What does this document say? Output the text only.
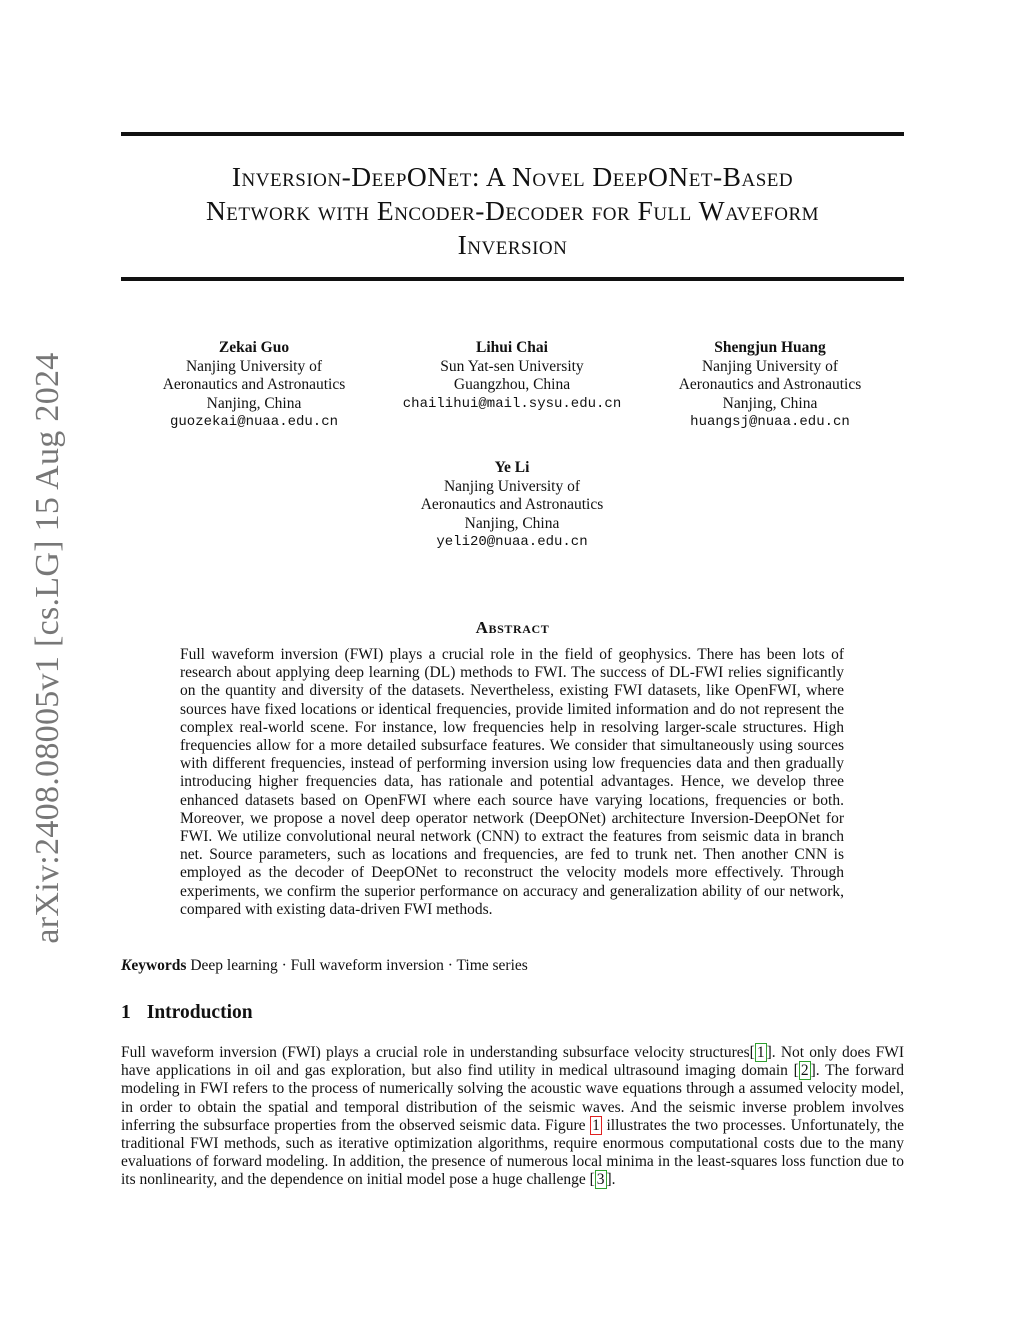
arXiv:2408.08005v1 [cs.LG] 15 Aug 2024
Inversion-DeepONet: A Novel DeepONet-Based
Network with Encoder-Decoder for Full Waveform
Inversion
Zekai Guo
Nanjing University of
Aeronautics and Astronautics
Nanjing, China
guozekai@nuaa.edu.cn
Lihui Chai
Sun Yat-sen University
Guangzhou, China
chailihui@mail.sysu.edu.cn
Shengjun Huang
Nanjing University of
Aeronautics and Astronautics
Nanjing, China
huangsj@nuaa.edu.cn
Ye Li
Nanjing University of
Aeronautics and Astronautics
Nanjing, China
yeli20@nuaa.edu.cn
Abstract

Full waveform inversion (FWI) plays a crucial role in the field of geophysics. There has been lots of research about applying deep learning (DL) methods to FWI. The success of DL-FWI relies significantly on the quantity and diversity of the datasets. Nevertheless, existing FWI datasets, like OpenFWI, where sources have fixed locations or identical frequencies, provide limited information and do not represent the complex real-world scene. For instance, low frequencies help in resolving larger-scale structures. High frequencies allow for a more detailed subsurface features. We consider that simultaneously using sources with different frequencies, instead of performing inversion using low frequencies data and then gradually introducing higher frequencies data, has rationale and potential advantages. Hence, we develop three enhanced datasets based on OpenFWI where each source have varying locations, frequencies or both. Moreover, we propose a novel deep operator network (DeepONet) architecture Inversion-DeepONet for FWI. We utilize convolutional neural network (CNN) to extract the features from seismic data in branch net. Source parameters, such as locations and frequencies, are fed to trunk net. Then another CNN is employed as the decoder of DeepONet to reconstruct the velocity models more effectively. Through experiments, we confirm the superior performance on accuracy and generalization ability of our network, compared with existing data-driven FWI methods.

Keywords Deep learning · Full waveform inversion · Time series

1 Introduction

Full waveform inversion (FWI) plays a crucial role in understanding subsurface velocity structures[ 1 ]. Not only does FWI have applications in oil and gas exploration, but also find utility in medical ultrasound imaging domain [ 2 ]. The forward modeling in FWI refers to the process of numerically solving the acoustic wave equations through a assumed velocity model, in order to obtain the spatial and temporal distribution of the seismic waves. And the seismic inverse problem involves inferring the subsurface properties from the observed seismic data. Figure 1 illustrates the two processes. Unfortunately, the traditional FWI methods, such as iterative optimization algorithms, require enormous computational costs due to the many evaluations of forward modeling. In addition, the presence of numerous local minima in the least-squares loss function due to its nonlinearity, and the dependence on initial model pose a huge challenge [ 3 ].
